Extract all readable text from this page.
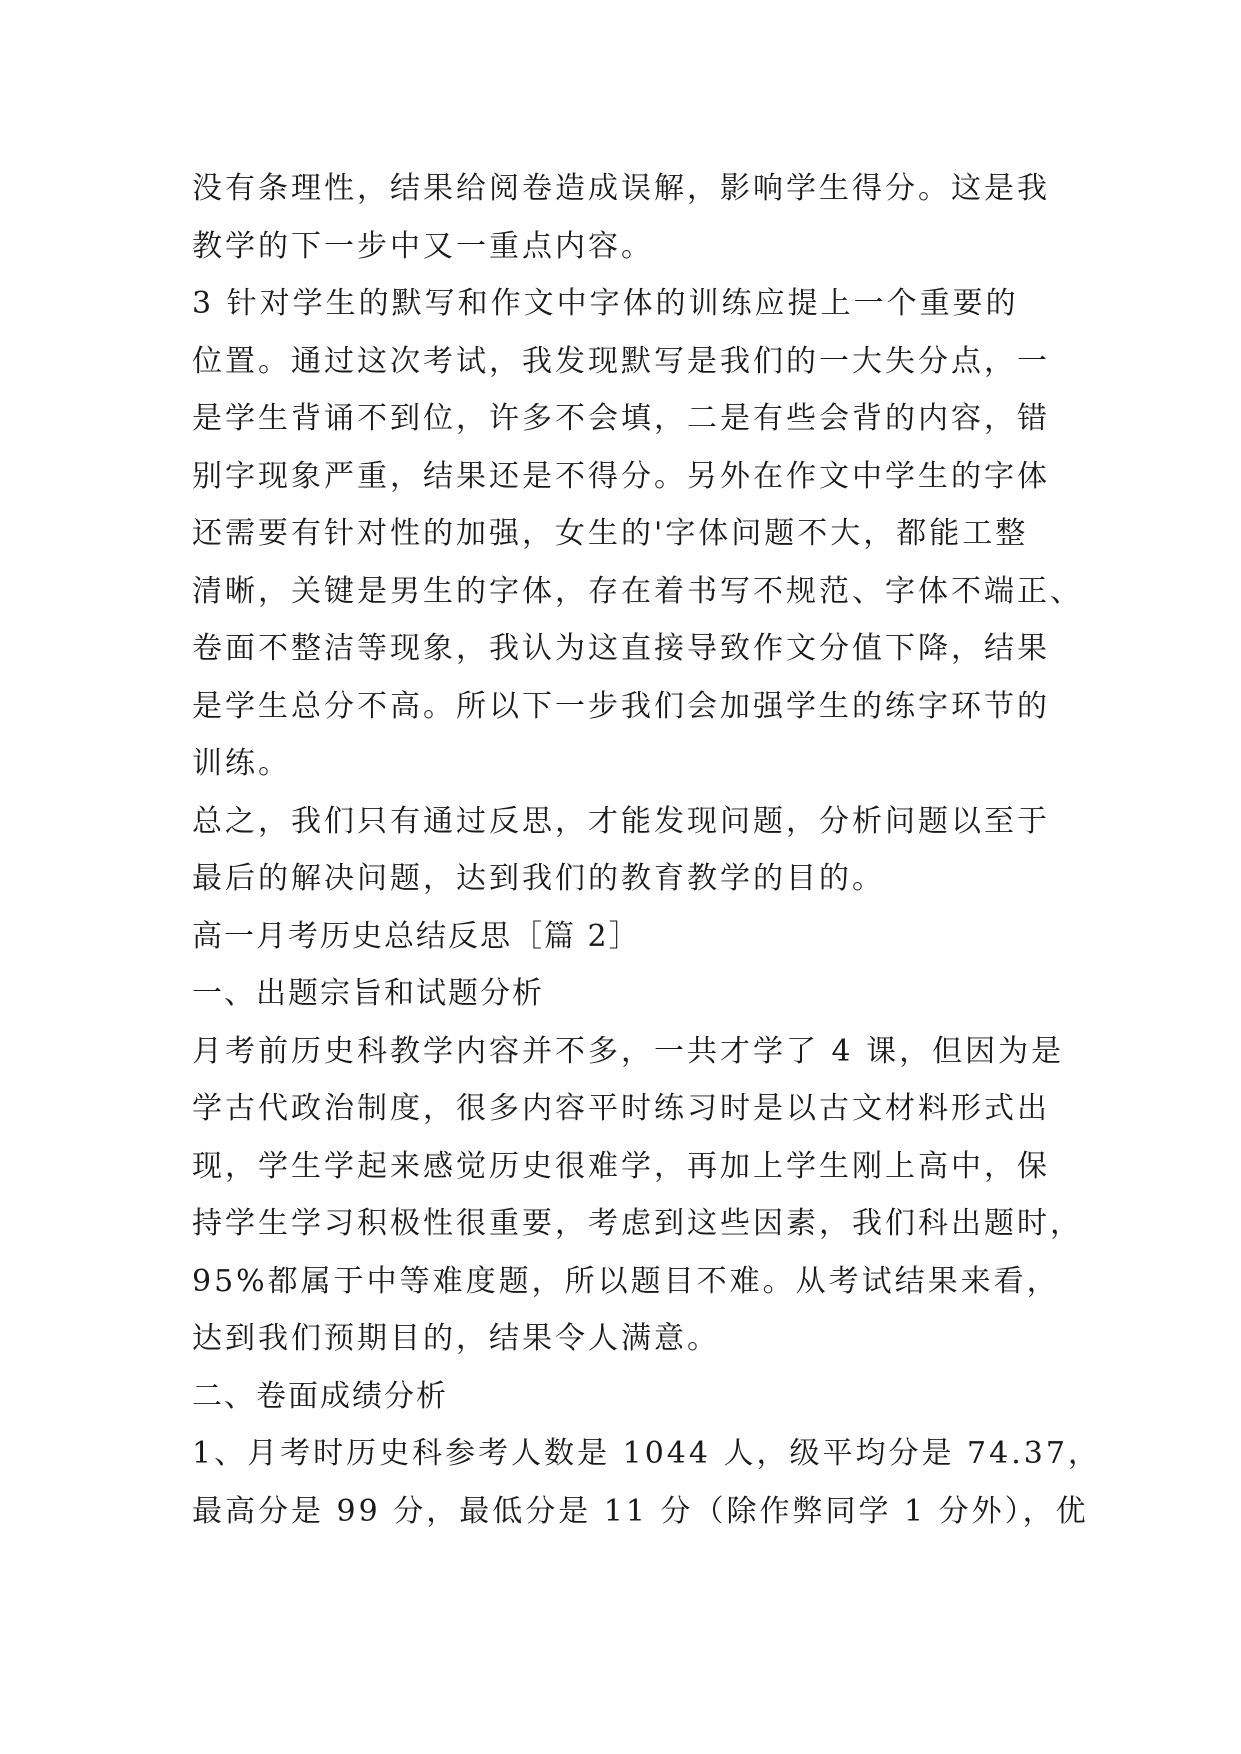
没有条理性，结果给阅卷造成误解，影响学生得分。这是我
教学的下一步中又一重点内容。
3 针对学生的默写和作文中字体的训练应提上一个重要的
位置。通过这次考试，我发现默写是我们的一大失分点，一
是学生背诵不到位，许多不会填，二是有些会背的内容，错
别字现象严重，结果还是不得分。另外在作文中学生的字体
还需要有针对性的加强，女生的'字体问题不大，都能工整
清晰，关键是男生的字体，存在着书写不规范、字体不端正、
卷面不整洁等现象，我认为这直接导致作文分值下降，结果
是学生总分不高。所以下一步我们会加强学生的练字环节的
训练。
总之，我们只有通过反思，才能发现问题，分析问题以至于
最后的解决问题，达到我们的教育教学的目的。
高一月考历史总结反思［篇 2］
一、出题宗旨和试题分析
月考前历史科教学内容并不多，一共才学了 4 课，但因为是
学古代政治制度，很多内容平时练习时是以古文材料形式出
现，学生学起来感觉历史很难学，再加上学生刚上高中，保
持学生学习积极性很重要，考虑到这些因素，我们科出题时，
95%都属于中等难度题，所以题目不难。从考试结果来看，
达到我们预期目的，结果令人满意。
二、卷面成绩分析
1、月考时历史科参考人数是 1044 人，级平均分是 74.37，
最高分是 99 分，最低分是 11 分（除作弊同学 1 分外），优
